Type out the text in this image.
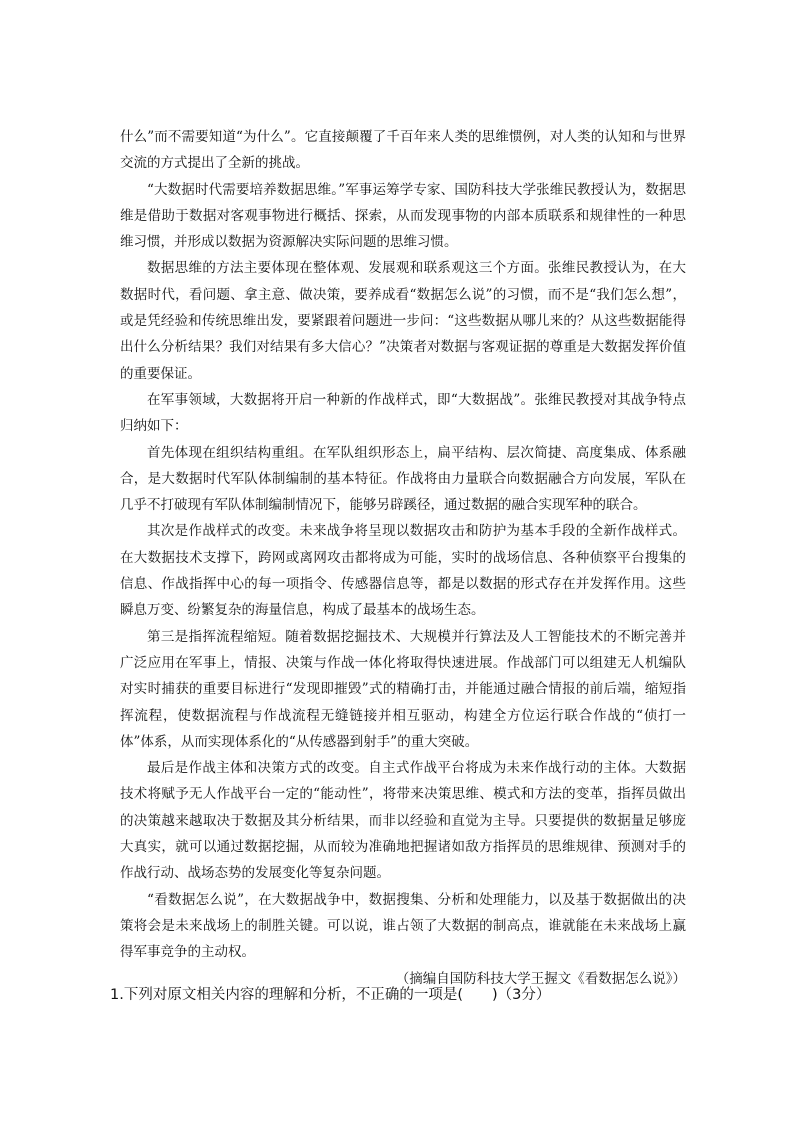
什么”而不需要知道“为什么”。它直接颠覆了千百年来人类的思维惯例，对人类的认知和与世界交流的方式提出了全新的挑战。

“大数据时代需要培养数据思维。”军事运筹学专家、国防科技大学张维民教授认为，数据思维是借助于数据对客观事物进行概括、探索，从而发现事物的内部本质联系和规律性的一种思维习惯，并形成以数据为资源解决实际问题的思维习惯。

数据思维的方法主要体现在整体观、发展观和联系观这三个方面。张维民教授认为，在大数据时代，看问题、拿主意、做决策，要养成看“数据怎么说”的习惯，而不是“我们怎么想”，或是凭经验和传统思维出发，要紧跟着问题进一步问：“这些数据从哪儿来的？从这些数据能得出什么分析结果？我们对结果有多大信心？”决策者对数据与客观证据的尊重是大数据发挥价值的重要保证。

在军事领域，大数据将开启一种新的作战样式，即“大数据战”。张维民教授对其战争特点归纳如下：

首先体现在组织结构重组。在军队组织形态上，扁平结构、层次简捷、高度集成、体系融合，是大数据时代军队体制编制的基本特征。作战将由力量联合向数据融合方向发展，军队在几乎不打破现有军队体制编制情况下，能够另辟蹊径，通过数据的融合实现军种的联合。

其次是作战样式的改变。未来战争将呈现以数据攻击和防护为基本手段的全新作战样式。在大数据技术支撑下，跨网或离网攻击都将成为可能，实时的战场信息、各种侦察平台搜集的信息、作战指挥中心的每一项指令、传感器信息等，都是以数据的形式存在并发挥作用。这些瞬息万变、纷繁复杂的海量信息，构成了最基本的战场生态。

第三是指挥流程缩短。随着数据挖掘技术、大规模并行算法及人工智能技术的不断完善并广泛应用在军事上，情报、决策与作战一体化将取得快速进展。作战部门可以组建无人机编队对实时捕获的重要目标进行“发现即摧毁”式的精确打击，并能通过融合情报的前后端，缩短指挥流程，使数据流程与作战流程无缝链接并相互驱动，构建全方位运行联合作战的“侦打一体”体系，从而实现体系化的“从传感器到射手”的重大突破。

最后是作战主体和决策方式的改变。自主式作战平台将成为未来作战行动的主体。大数据技术将赋予无人作战平台一定的“能动性”，将带来决策思维、模式和方法的变革，指挥员做出的决策越来越取决于数据及其分析结果，而非以经验和直觉为主导。只要提供的数据量足够庞大真实，就可以通过数据挖掘，从而较为准确地把握诸如敌方指挥员的思维规律、预测对手的作战行动、战场态势的发展变化等复杂问题。

“看数据怎么说”，在大数据战争中，数据搜集、分析和处理能力，以及基于数据做出的决策将会是未来战场上的制胜关键。可以说，谁占领了大数据的制高点，谁就能在未来战场上赢得军事竞争的主动权。

（摘编自国防科技大学王握文《看数据怎么说》）

1.下列对原文相关内容的理解和分析，不正确的一项是(　　)（3分）
